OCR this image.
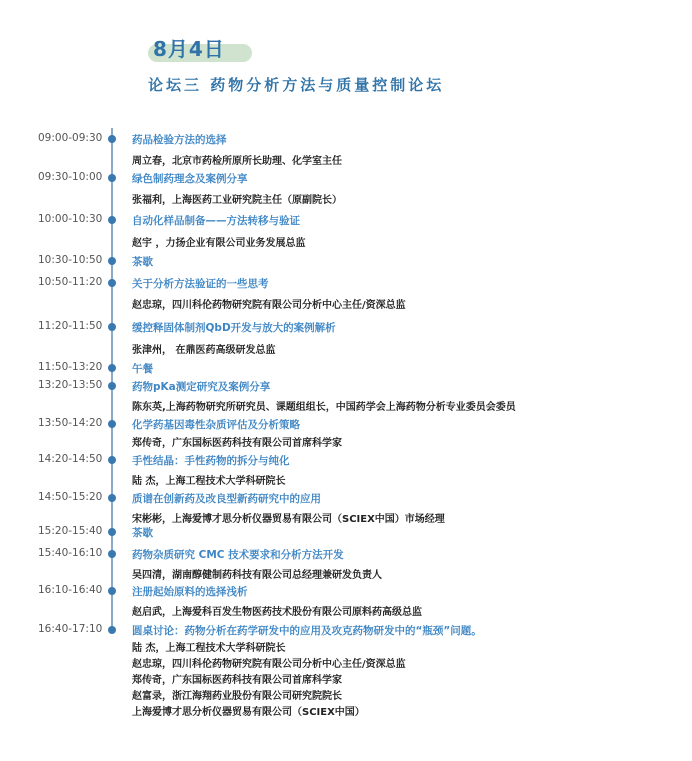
8月4日
论坛三 药物分析方法与质量控制论坛
09:00-09:30	药品检验方法的选择
周立春，北京市药检所原所长助理、化学室主任
09:30-10:00	绿色制药理念及案例分享
张福利，上海医药工业研究院主任（原副院长）
10:00-10:30	自动化样品制备——方法转移与验证
赵宇 ，力扬企业有限公司业务发展总监
10:30-10:50	茶歇
10:50-11:20	关于分析方法验证的一些思考
赵忠琼，四川科伦药物研究院有限公司分析中心主任/资深总监
11:20-11:50	缓控释固体制剂QbD开发与放大的案例解析
张津州， 在鼎医药高级研发总监
11:50-13:20	午餐
13:20-13:50	药物pKa测定研究及案例分享
陈东英,上海药物研究所研究员、课题组组长，中国药学会上海药物分析专业委员会委员
13:50-14:20	化学药基因毒性杂质评估及分析策略
郑传奇，广东国标医药科技有限公司首席科学家
14:20-14:50	手性结晶：手性药物的拆分与纯化
陆 杰，上海工程技术大学科研院长
14:50-15:20	质谱在创新药及改良型新药研究中的应用
宋彬彬，上海爱博才思分析仪器贸易有限公司（SCIEX中国）市场经理
15:20-15:40	茶歇
15:40-16:10	药物杂质研究 CMC 技术要求和分析方法开发
吴四清，湖南醇健制药科技有限公司总经理兼研发负责人
16:10-16:40	注册起始原料的选择浅析
赵启武，上海爱科百发生物医药技术股份有限公司原料药高级总监
16:40-17:10	圆桌讨论：药物分析在药学研发中的应用及攻克药物研发中的“瓶颈”问题。
陆 杰，上海工程技术大学科研院长
赵忠琼，四川科伦药物研究院有限公司分析中心主任/资深总监
郑传奇，广东国标医药科技有限公司首席科学家
赵富录，浙江海翔药业股份有限公司研究院院长
上海爱博才思分析仪器贸易有限公司（SCIEX中国）
